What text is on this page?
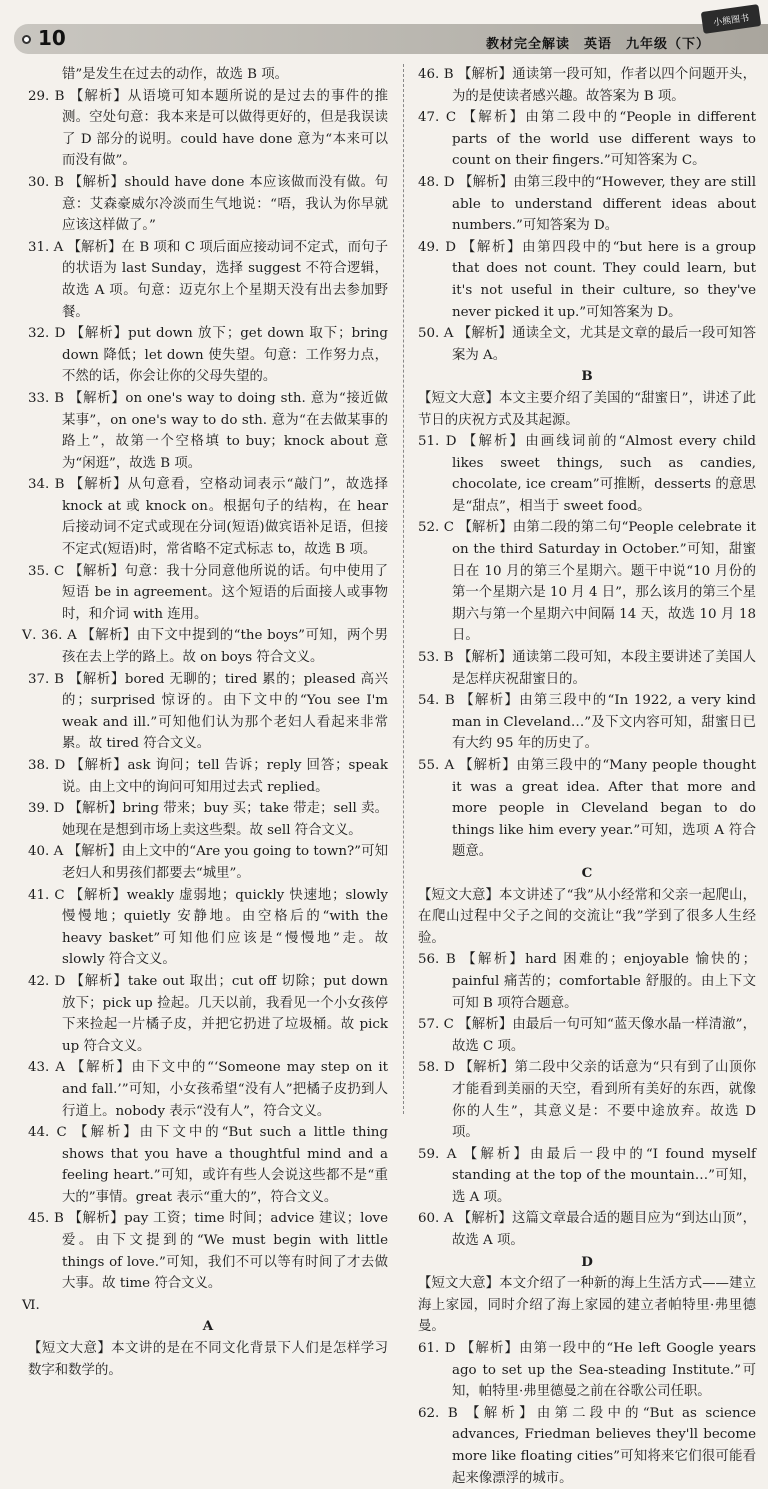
10	教材完全解读　英语　九年级（下）
小熊图书
错”是发生在过去的动作，故选 B 项。
29. B 【解析】从语境可知本题所说的是过去的事件的推测。空处句意：我本来是可以做得更好的，但是我误读了 D 部分的说明。could have done 意为“本来可以而没有做”。
30. B 【解析】should have done 本应该做而没有做。句意：艾森豪威尔冷淡而生气地说：“唔，我认为你早就应该这样做了。”
31. A 【解析】在 B 项和 C 项后面应接动词不定式，而句子的状语为 last Sunday，选择 suggest 不符合逻辑，故选 A 项。句意：迈克尔上个星期天没有出去参加野餐。
32. D 【解析】put down 放下；get down 取下；bring down 降低；let down 使失望。句意：工作努力点，不然的话，你会让你的父母失望的。
33. B 【解析】on one's way to doing sth. 意为“接近做某事”，on one's way to do sth. 意为“在去做某事的路上”，故第一个空格填 to buy；knock about 意为“闲逛”，故选 B 项。
34. B 【解析】从句意看，空格动词表示“敲门”，故选择 knock at 或 knock on。根据句子的结构，在 hear 后接动词不定式或现在分词(短语)做宾语补足语，但接不定式(短语)时，常省略不定式标志 to，故选 B 项。
35. C 【解析】句意：我十分同意他所说的话。句中使用了短语 be in agreement。这个短语的后面接人或事物时，和介词 with 连用。
Ⅴ. 36. A 【解析】由下文中提到的“the boys”可知，两个男孩在去上学的路上。故 on boys 符合文义。
37. B 【解析】bored 无聊的；tired 累的；pleased 高兴的；surprised 惊讶的。由下文中的“You see I'm weak and ill.”可知他们认为那个老妇人看起来非常累。故 tired 符合文义。
38. D 【解析】ask 询问；tell 告诉；reply 回答；speak 说。由上文中的询问可知用过去式 replied。
39. D 【解析】bring 带来；buy 买；take 带走；sell 卖。她现在是想到市场上卖这些梨。故 sell 符合文义。
40. A 【解析】由上文中的“Are you going to town?”可知老妇人和男孩们都要去“城里”。
41. C 【解析】weakly 虚弱地；quickly 快速地；slowly 慢慢地；quietly 安静地。由空格后的“with the heavy basket”可知他们应该是“慢慢地”走。故 slowly 符合文义。
42. D 【解析】take out 取出；cut off 切除；put down 放下；pick up 捡起。几天以前，我看见一个小女孩停下来捡起一片橘子皮，并把它扔进了垃圾桶。故 pick up 符合文义。
43. A 【解析】由下文中的“‘Someone may step on it and fall.’”可知，小女孩希望“没有人”把橘子皮扔到人行道上。nobody 表示“没有人”，符合文义。
44. C 【解析】由下文中的“But such a little thing shows that you have a thoughtful mind and a feeling heart.”可知，或许有些人会说这些都不是“重大的”事情。great 表示“重大的”，符合文义。
45. B 【解析】pay 工资；time 时间；advice 建议；love 爱。由下文提到的“We must begin with little things of love.”可知，我们不可以等有时间了才去做大事。故 time 符合文义。
Ⅵ.
A
【短文大意】本文讲的是在不同文化背景下人们是怎样学习数字和数学的。
46. B 【解析】通读第一段可知，作者以四个问题开头，为的是使读者感兴趣。故答案为 B 项。
47. C 【解析】由第二段中的“People in different parts of the world use different ways to count on their fingers.”可知答案为 C。
48. D 【解析】由第三段中的“However, they are still able to understand different ideas about numbers.”可知答案为 D。
49. D 【解析】由第四段中的“but here is a group that does not count. They could learn, but it's not useful in their culture, so they've never picked it up.”可知答案为 D。
50. A 【解析】通读全文，尤其是文章的最后一段可知答案为 A。
B
【短文大意】本文主要介绍了美国的“甜蜜日”，讲述了此节日的庆祝方式及其起源。
51. D 【解析】由画线词前的“Almost every child likes sweet things, such as candies, chocolate, ice cream”可推断，desserts 的意思是“甜点”，相当于 sweet food。
52. C 【解析】由第二段的第二句“People celebrate it on the third Saturday in October.”可知，甜蜜日在 10 月的第三个星期六。题干中说“10 月份的第一个星期六是 10 月 4 日”，那么该月的第三个星期六与第一个星期六中间隔 14 天，故选 10 月 18 日。
53. B 【解析】通读第二段可知，本段主要讲述了美国人是怎样庆祝甜蜜日的。
54. B 【解析】由第三段中的“In 1922, a very kind man in Cleveland…”及下文内容可知，甜蜜日已有大约 95 年的历史了。
55. A 【解析】由第三段中的“Many people thought it was a great idea. After that more and more people in Cleveland began to do things like him every year.”可知，选项 A 符合题意。
C
【短文大意】本文讲述了“我”从小经常和父亲一起爬山，在爬山过程中父子之间的交流让“我”学到了很多人生经验。
56. B 【解析】hard 困难的；enjoyable 愉快的；painful 痛苦的；comfortable 舒服的。由上下文可知 B 项符合题意。
57. C 【解析】由最后一句可知“蓝天像水晶一样清澈”，故选 C 项。
58. D 【解析】第二段中父亲的话意为“只有到了山顶你才能看到美丽的天空，看到所有美好的东西，就像你的人生”，其意义是：不要中途放弃。故选 D 项。
59. A 【解析】由最后一段中的“I found myself standing at the top of the mountain…”可知，选 A 项。
60. A 【解析】这篇文章最合适的题目应为“到达山顶”，故选 A 项。
D
【短文大意】本文介绍了一种新的海上生活方式——建立海上家园，同时介绍了海上家园的建立者帕特里·弗里德曼。
61. D 【解析】由第一段中的“He left Google years ago to set up the Sea-steading Institute.”可知，帕特里·弗里德曼之前在谷歌公司任职。
62. B 【解析】由第二段中的“But as science advances, Friedman believes they'll become more like floating cities”可知将来它们很可能看起来像漂浮的城市。
